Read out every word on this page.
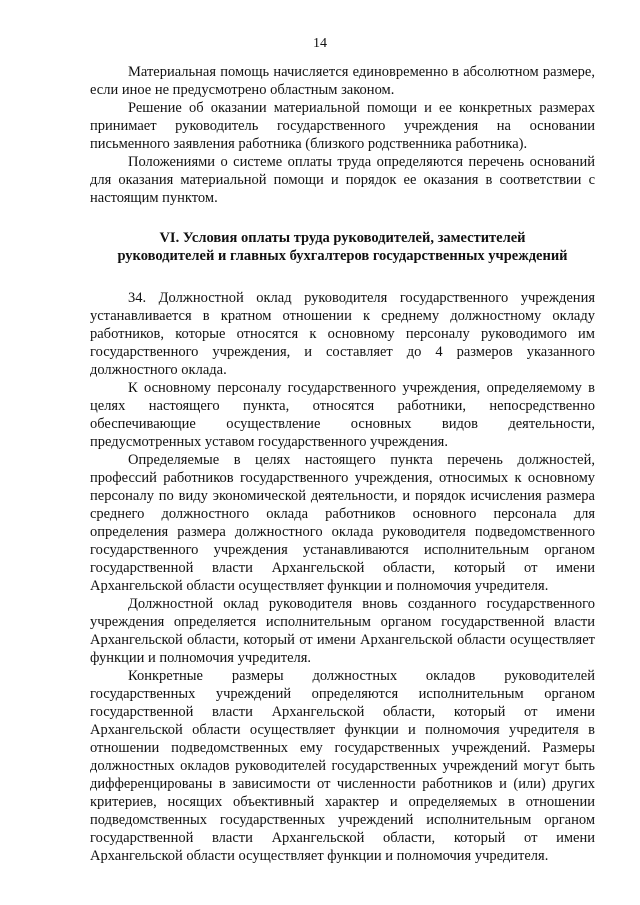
14

Материальная помощь начисляется единовременно в абсолютном размере, если иное не предусмотрено областным законом.

Решение об оказании материальной помощи и ее конкретных размерах принимает руководитель государственного учреждения на основании письменного заявления работника (близкого родственника работника).

Положениями о системе оплаты труда определяются перечень оснований для оказания материальной помощи и порядок ее оказания в соответствии с настоящим пунктом.

VI. Условия оплаты труда руководителей, заместителей
руководителей и главных бухгалтеров государственных учреждений

34. Должностной оклад руководителя государственного учреждения устанавливается в кратном отношении к среднему должностному окладу работников, которые относятся к основному персоналу руководимого им государственного учреждения, и составляет до 4 размеров указанного должностного оклада.

К основному персоналу государственного учреждения, определяемому в целях настоящего пункта, относятся работники, непосредственно обеспечивающие осуществление основных видов деятельности, предусмотренных уставом государственного учреждения.

Определяемые в целях настоящего пункта перечень должностей, профессий работников государственного учреждения, относимых к основному персоналу по виду экономической деятельности, и порядок исчисления размера среднего должностного оклада работников основного персонала для определения размера должностного оклада руководителя подведомственного государственного учреждения устанавливаются исполнительным органом государственной власти Архангельской области, который от имени Архангельской области осуществляет функции и полномочия учредителя.

Должностной оклад руководителя вновь созданного государственного учреждения определяется исполнительным органом государственной власти Архангельской области, который от имени Архангельской области осуществляет функции и полномочия учредителя.

Конкретные размеры должностных окладов руководителей государственных учреждений определяются исполнительным органом государственной власти Архангельской области, который от имени Архангельской области осуществляет функции и полномочия учредителя в отношении подведомственных ему государственных учреждений. Размеры должностных окладов руководителей государственных учреждений могут быть дифференцированы в зависимости от численности работников и (или) других критериев, носящих объективный характер и определяемых в отношении подведомственных государственных учреждений исполнительным органом государственной власти Архангельской области, который от имени Архангельской области осуществляет функции и полномочия учредителя.
